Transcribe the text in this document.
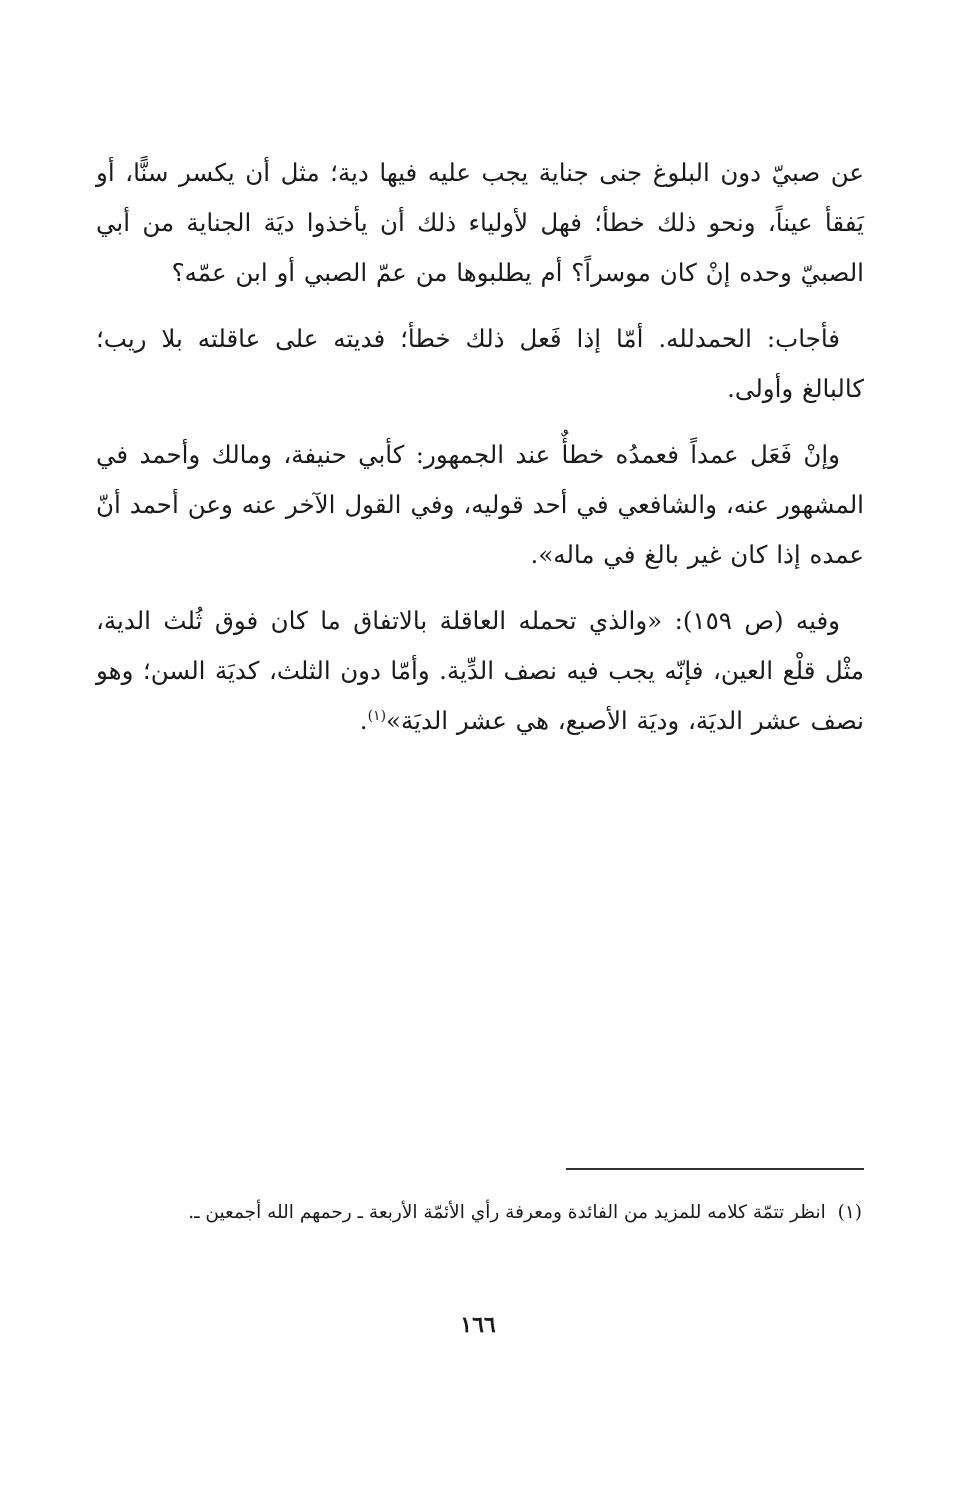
عن صبيّ دون البلوغ جنى جناية يجب عليه فيها دية؛ مثل أن يكسر سنًّا، أو يَفقأ عيناً، ونحو ذلك خطأ؛ فهل لأولياء ذلك أن يأخذوا ديَة الجناية من أبي الصبيّ وحده إنْ كان موسراً؟ أم يطلبوها من عمّ الصبي أو ابن عمّه؟

فأجاب: الحمدلله. أمّا إذا فَعل ذلك خطأ؛ فديته على عاقلته بلا ريب؛ كالبالغ وأولى.

وإنْ فَعَل عمداً فعمدُه خطأٌ عند الجمهور: كأبي حنيفة، ومالك وأحمد في المشهور عنه، والشافعي في أحد قوليه، وفي القول الآخر عنه وعن أحمد أنّ عمده إذا كان غير بالغ في ماله».

وفيه (ص ١٥٩): «والذي تحمله العاقلة بالاتفاق ما كان فوق ثُلث الدية، مثْل قلْع العين، فإنّه يجب فيه نصف الدِّية. وأمّا دون الثلث، كديَة السن؛ وهو نصف عشر الديَة، وديَة الأصبع، هي عشر الديَة»$^{(١)}$.

(١) انظر تتمّة كلامه للمزيد من الفائدة ومعرفة رأي الأئمّة الأربعة ـ رحمهم الله أجمعين ـ.
١٦٦
